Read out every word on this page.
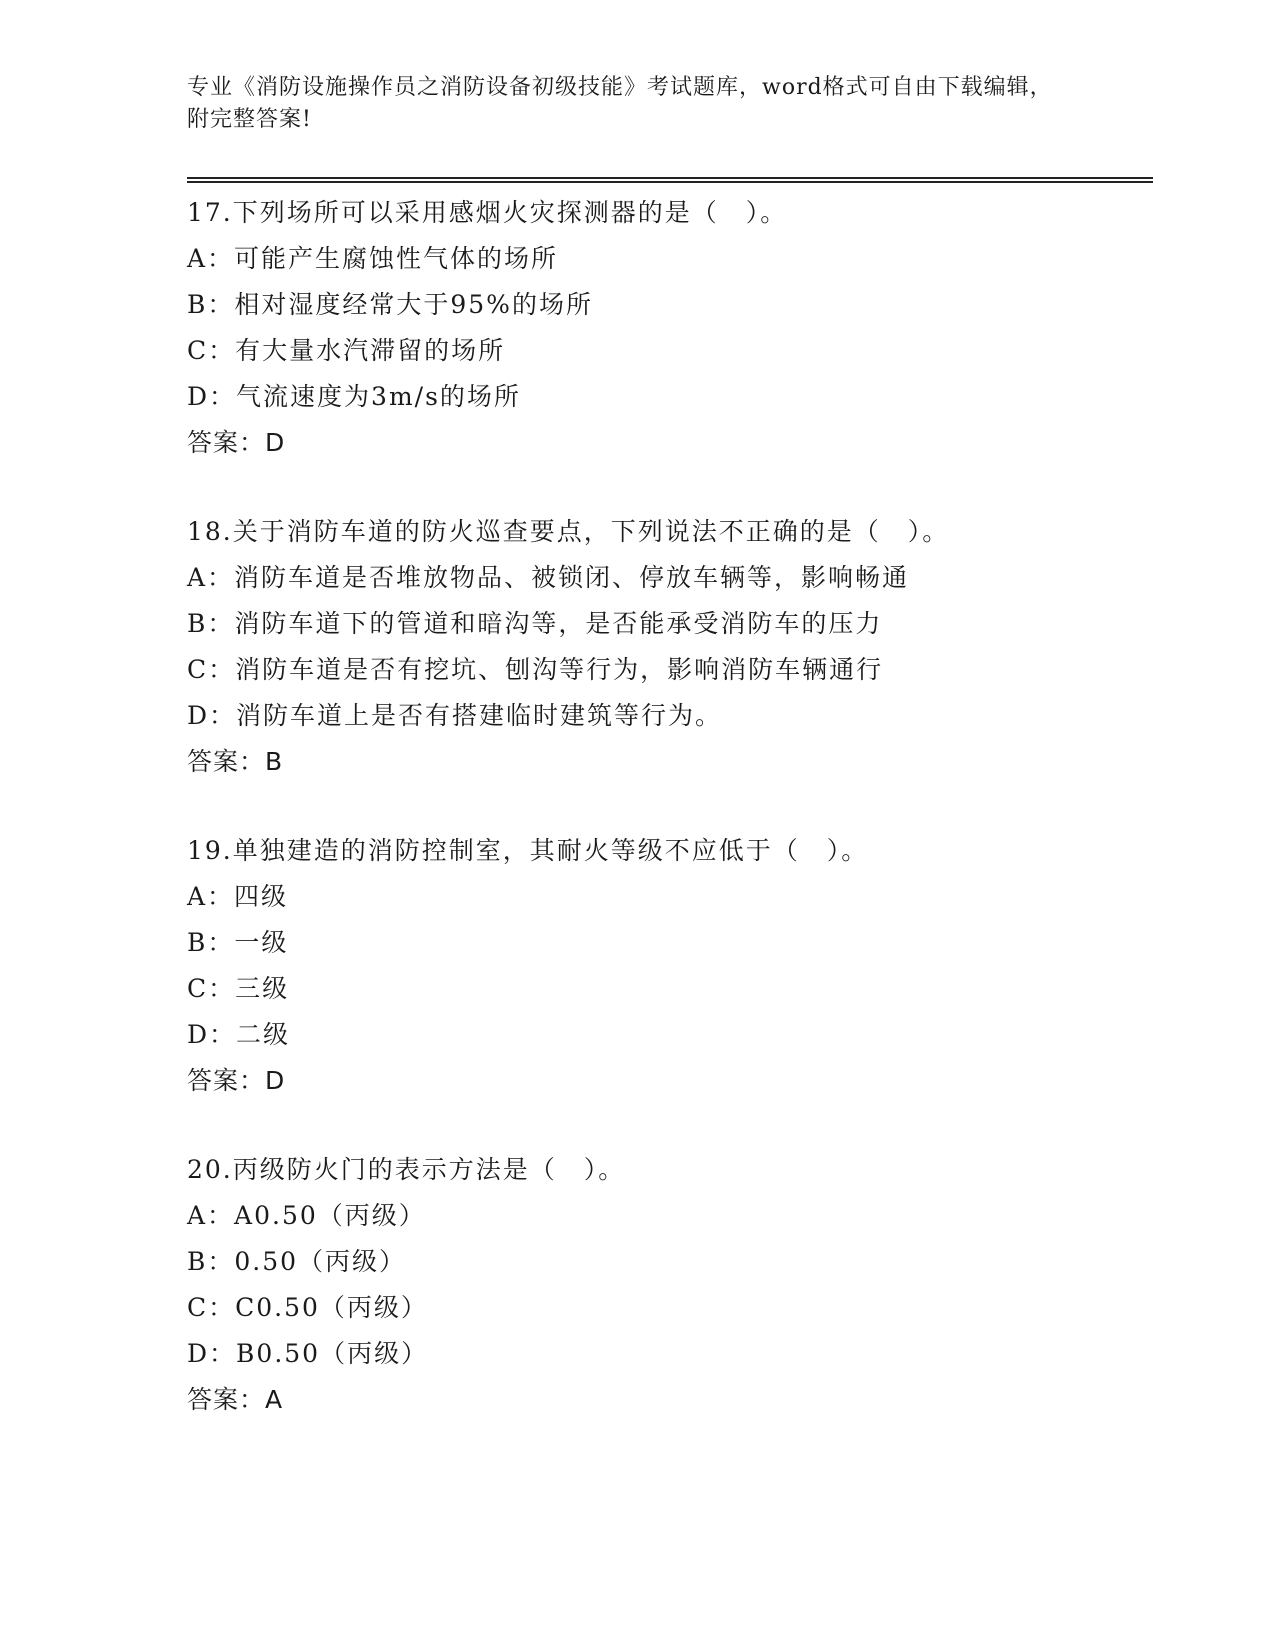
专业《消防设施操作员之消防设备初级技能》考试题库，word格式可自由下载编辑，附完整答案!
17.下列场所可以采用感烟火灾探测器的是（　）。
A：可能产生腐蚀性气体的场所
B：相对湿度经常大于95%的场所
C：有大量水汽滞留的场所
D：气流速度为3m/s的场所
答案：D
18.关于消防车道的防火巡查要点，下列说法不正确的是（　）。
A：消防车道是否堆放物品、被锁闭、停放车辆等，影响畅通
B：消防车道下的管道和暗沟等，是否能承受消防车的压力
C：消防车道是否有挖坑、刨沟等行为，影响消防车辆通行
D：消防车道上是否有搭建临时建筑等行为。
答案：B
19.单独建造的消防控制室，其耐火等级不应低于（　）。
A：四级
B：一级
C：三级
D：二级
答案：D
20.丙级防火门的表示方法是（　）。
A：A0.50（丙级）
B：0.50（丙级）
C：C0.50（丙级）
D：B0.50（丙级）
答案：A
